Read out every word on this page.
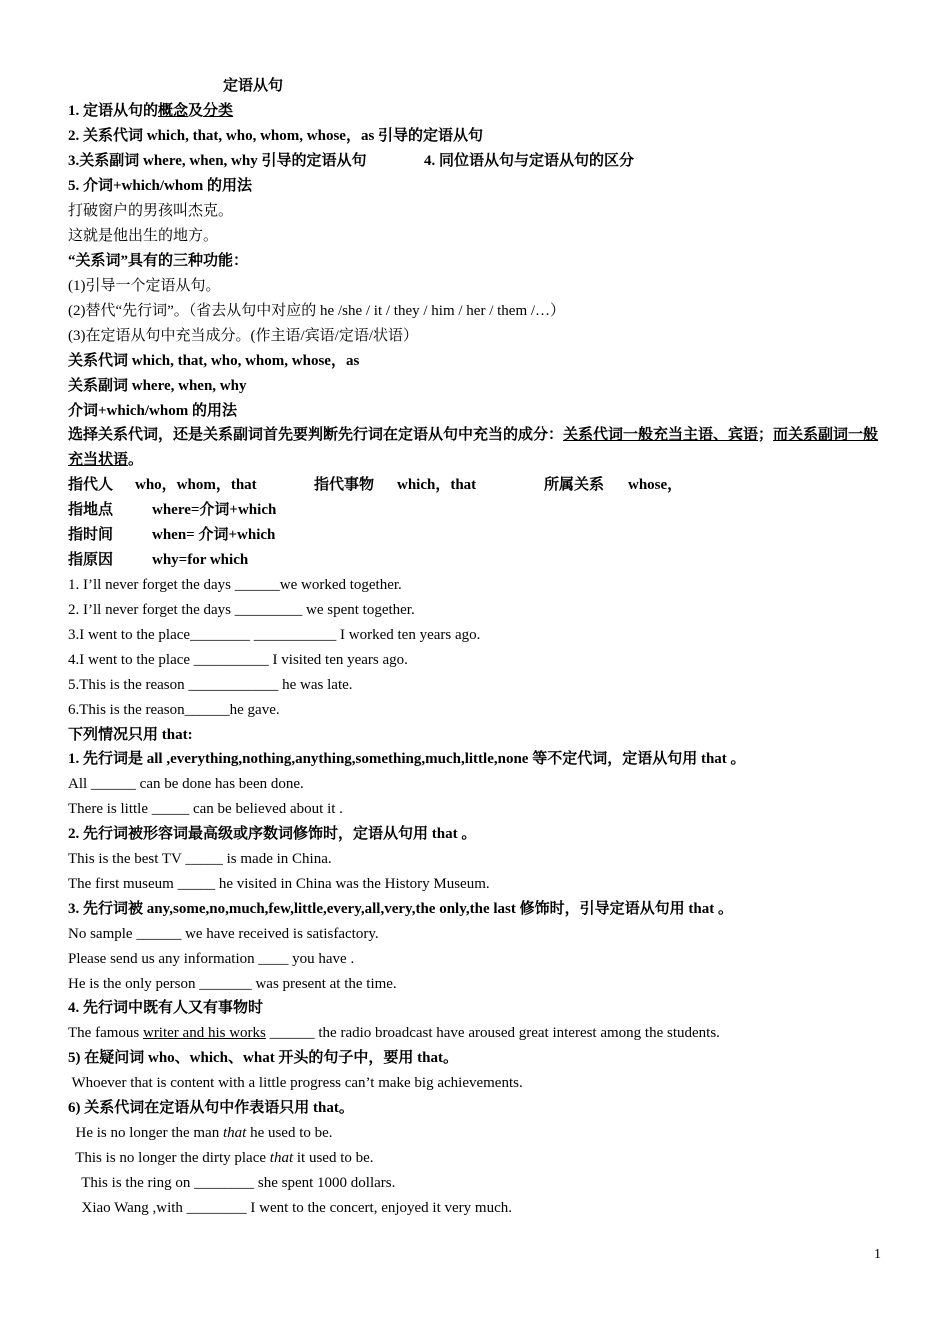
定语从句
1. 定语从句的概念及分类
2. 关系代词 which, that, who, whom, whose，as 引导的定语从句
3.关系副词 where, when, why 引导的定语从句	4. 同位语从句与定语从句的区分
5. 介词+which/whom 的用法
打破窗户的男孩叫杰克。
这就是他出生的地方。
“关系词”具有的三种功能：
(1)引导一个定语从句。
(2)替代“先行词”。（省去从句中对应的 he /she / it / they / him / her / them /…）
(3)在定语从句中充当成分。(作主语/宾语/定语/状语）
关系代词 which, that, who, whom, whose，as
关系副词 where, when, why
介词+which/whom 的用法
选择关系代词，还是关系副词首先要判断先行词在定语从句中充当的成分：关系代词一般充当主语、宾语；而关系副词一般充当状语。
指代人 who，whom，that	指代事物 which，that	所属关系 whose，
指地点	where=介词+which
指时间	when= 介词+which
指原因	why=for which
1. I’ll never forget the days ______we worked together.
2. I’ll never forget the days _________ we spent together.
3.I went to the place________ ___________ I worked ten years ago.
4.I went to the place __________ I visited ten years ago.
5.This is the reason ____________ he was late.
6.This is the reason______he gave.
下列情况只用 that:
1. 先行词是 all ,everything,nothing,anything,something,much,little,none 等不定代词，定语从句用 that 。
All ______ can be done has been done.
There is little _____ can be believed about it .
2. 先行词被形容词最高级或序数词修饰时，定语从句用 that 。
This is the best TV _____ is made in China.
The first museum _____ he visited in China was the History Museum.
3. 先行词被 any,some,no,much,few,little,every,all,very,the only,the last 修饰时，引导定语从句用 that 。
No sample ______ we have received is satisfactory.
Please send us any information ____ you have .
He is the only person _______ was present at the time.
4. 先行词中既有人又有事物时
The famous writer and his works ______ the radio broadcast have aroused great interest among the students.
5) 在疑问词 who、which、what 开头的句子中，要用 that。
Whoever that is content with a little progress can’t make big achievements.
6) 关系代词在定语从句中作表语只用 that。
He is no longer the man that he used to be.
This is no longer the dirty place that it used to be.
This is the ring on ________ she spent 1000 dollars.
Xiao Wang ,with ________ I went to the concert, enjoyed it very much.
1
